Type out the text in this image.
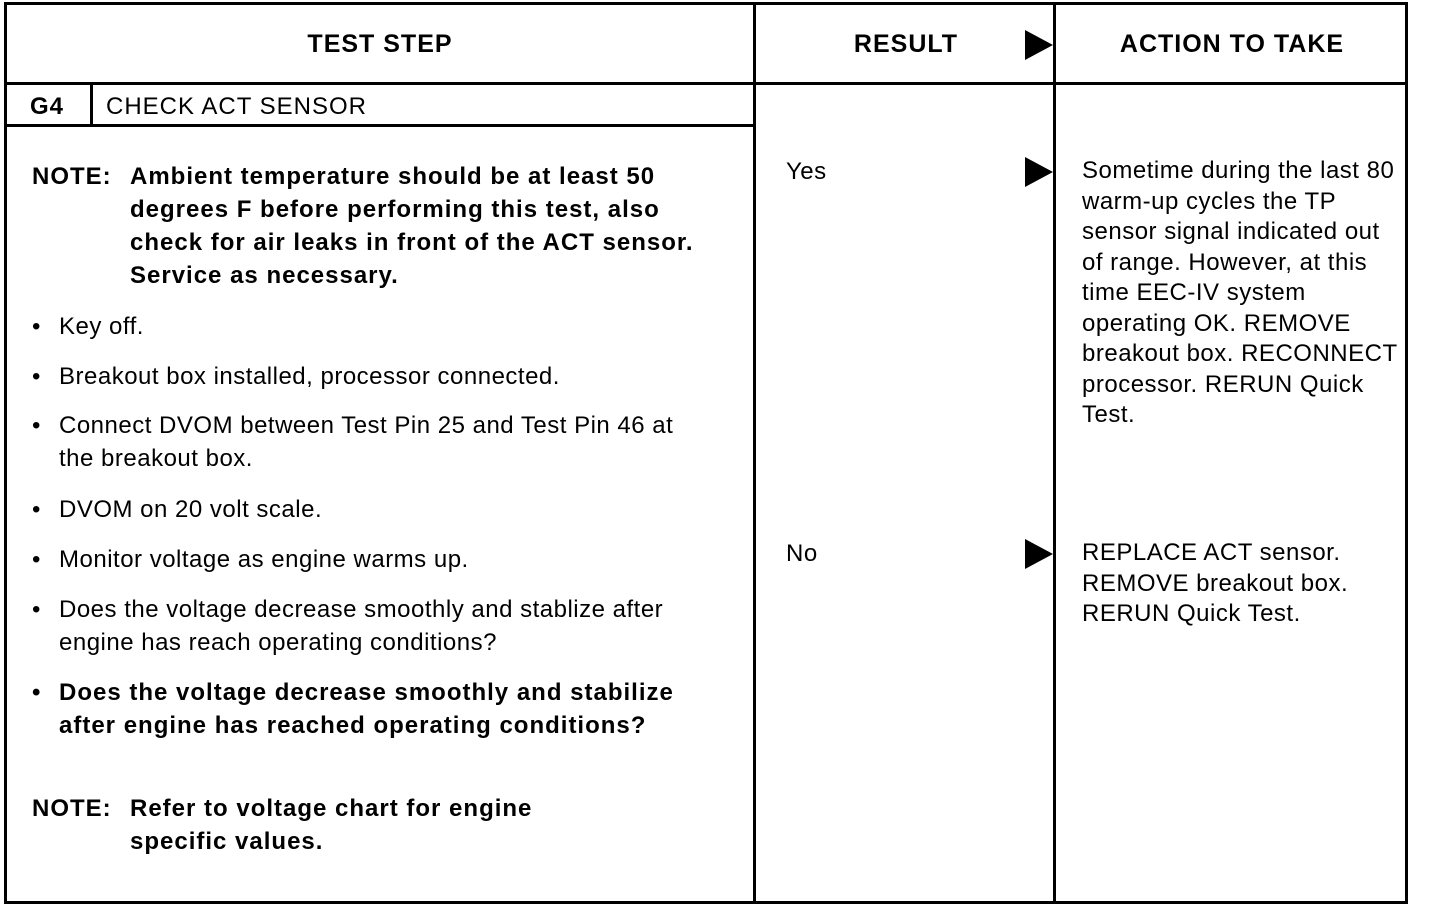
TEST STEP	RESULT	ACTION TO TAKE
G4 CHECK ACT SENSOR
NOTE: Ambient temperature should be at least 50 degrees F before performing this test, also check for air leaks in front of the ACT sensor. Service as necessary.
• Key off.
• Breakout box installed, processor connected.
• Connect DVOM between Test Pin 25 and Test Pin 46 at the breakout box.
• DVOM on 20 volt scale.
• Monitor voltage as engine warms up.
• Does the voltage decrease smoothly and stablize after engine has reach operating conditions?
• Does the voltage decrease smoothly and stabilize after engine has reached operating conditions?
NOTE: Refer to voltage chart for engine specific values.
Yes	Sometime during the last 80 warm-up cycles the TP sensor signal indicated out of range. However, at this time EEC-IV system operating OK. REMOVE breakout box. RECONNECT processor. RERUN Quick Test.
No	REPLACE ACT sensor. REMOVE breakout box. RERUN Quick Test.
